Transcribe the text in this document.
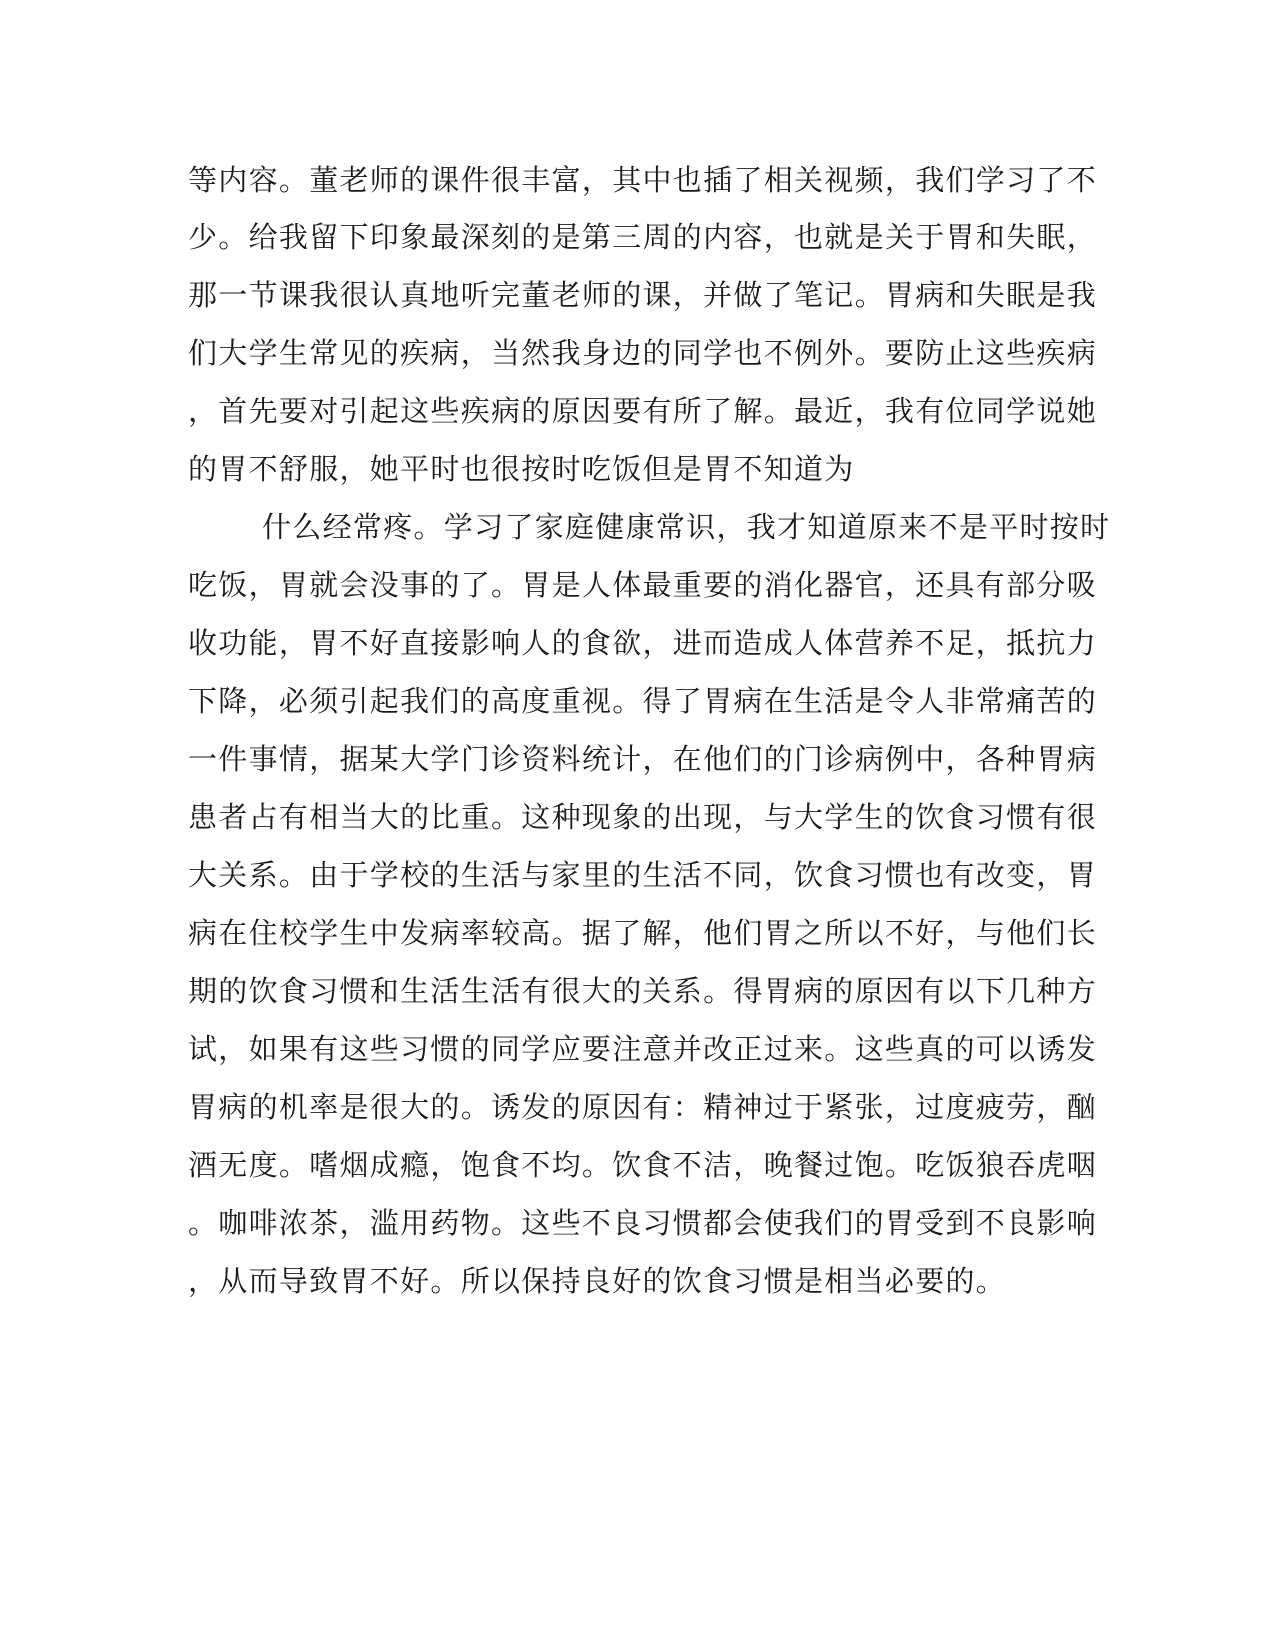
等内容。董老师的课件很丰富，其中也插了相关视频，我们学习了不
少。给我留下印象最深刻的是第三周的内容，也就是关于胃和失眠，
那一节课我很认真地听完董老师的课，并做了笔记。胃病和失眠是我
们大学生常见的疾病，当然我身边的同学也不例外。要防止这些疾病
，首先要对引起这些疾病的原因要有所了解。最近，我有位同学说她
的胃不舒服，她平时也很按时吃饭但是胃不知道为
什么经常疼。学习了家庭健康常识，我才知道原来不是平时按时
吃饭，胃就会没事的了。胃是人体最重要的消化器官，还具有部分吸
收功能，胃不好直接影响人的食欲，进而造成人体营养不足，抵抗力
下降，必须引起我们的高度重视。得了胃病在生活是令人非常痛苦的
一件事情，据某大学门诊资料统计，在他们的门诊病例中，各种胃病
患者占有相当大的比重。这种现象的出现，与大学生的饮食习惯有很
大关系。由于学校的生活与家里的生活不同，饮食习惯也有改变，胃
病在住校学生中发病率较高。据了解，他们胃之所以不好，与他们长
期的饮食习惯和生活生活有很大的关系。得胃病的原因有以下几种方
试，如果有这些习惯的同学应要注意并改正过来。这些真的可以诱发
胃病的机率是很大的。诱发的原因有：精神过于紧张，过度疲劳，酗
酒无度。嗜烟成瘾，饱食不均。饮食不洁，晚餐过饱。吃饭狼吞虎咽
。咖啡浓茶，滥用药物。这些不良习惯都会使我们的胃受到不良影响
，从而导致胃不好。所以保持良好的饮食习惯是相当必要的。
